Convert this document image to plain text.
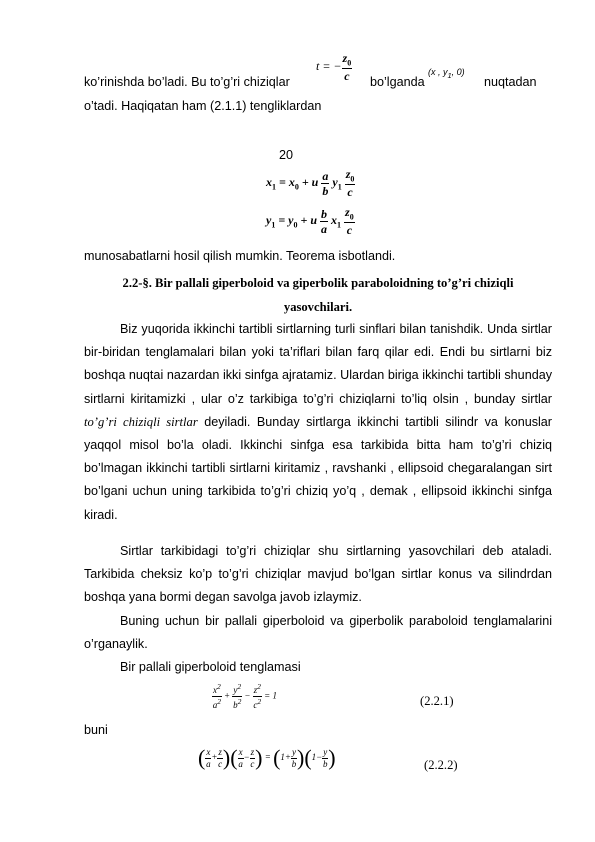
ko’rinishda bo’ladi. Bu to’g’ri chiziqlar
t = − $\frac{z_0}{c}$ bo’lganda
(x , $y_1$, 0)
nuqtadan
o’tadi. Haqiqatan ham (2.1.1) tengliklardan
20
$x_1 = x_0 + u \frac{a}{b} y_1 \frac{z_0}{c}$
$y_1 = y_0 + u \frac{b}{a} x_1 \frac{z_0}{c}$
munosabatlarni hosil qilish mumkin. Teorema isbotlandi.
2.2-§. Bir pallali giperboloid va giperbolik paraboloidning to’g’ri chiziqli
yasovchilari.
Biz yuqorida ikkinchi tartibli sirtlarning turli sinflari bilan tanishdik. Unda sirtlar bir-biridan tenglamalari bilan yoki ta’riflari bilan farq qilar edi. Endi bu sirtlarni biz boshqa nuqtai nazardan ikki sinfga ajratamiz. Ulardan biriga ikkinchi tartibli shunday sirtlarni kiritamizki , ular o’z tarkibiga to’g’ri chiziqlarni to’liq olsin , bunday sirtlar to’g’ri chiziqli sirtlar deyiladi. Bunday sirtlarga ikkinchi tartibli silindr va konuslar yaqqol misol bo’la oladi. Ikkinchi sinfga esa tarkibida bitta ham to’g’ri chiziq bo’lmagan ikkinchi tartibli sirtlarni kiritamiz , ravshanki , ellipsoid chegaralangan sirt bo’lgani uchun uning tarkibida to’g’ri chiziq yo’q , demak , ellipsoid ikkinchi sinfga kiradi.
Sirtlar tarkibidagi to’g’ri chiziqlar shu sirtlarning yasovchilari deb ataladi. Tarkibida cheksiz ko’p to’g’ri chiziqlar mavjud bo’lgan sirtlar konus va silindrdan boshqa yana bormi degan savolga javob izlaymiz.
Buning uchun bir pallali giperboloid va giperbolik paraboloid tenglamalarini o’rganaylik.
Bir pallali giperboloid tenglamasi
$\frac{x^2}{a^2} + \frac{y^2}{b^2} - \frac{z^2}{c^2} = 1$	(2.2.1)
buni
( $\frac{x}{a} + \frac{z}{c}$ )( $\frac{x}{a} - \frac{z}{c}$ ) = $(1+ \frac{y}{b} )(1- \frac{y}{b}$ )	(2.2.2)
